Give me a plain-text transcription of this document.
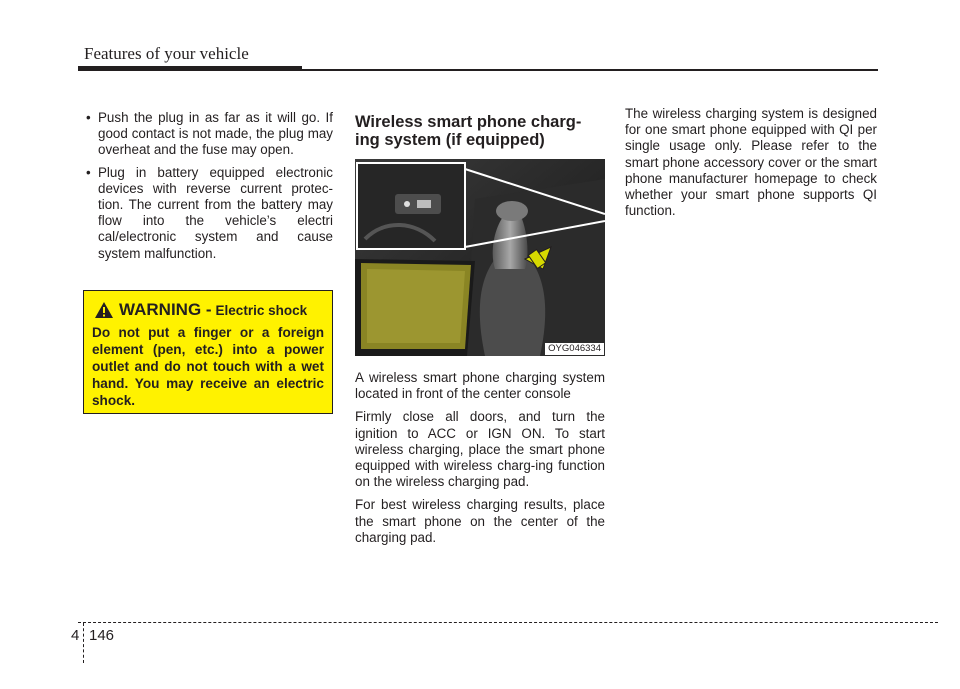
Features of your vehicle
• Push the plug in as far as it will go. If good contact is not made, the plug may overheat and the fuse may open.
• Plug in battery equipped electronic devices with reverse current protec-tion. The current from the battery may flow into the vehicle’s electri cal/electronic system and cause system malfunction.
WARNING - Electric shock
Do not put a finger or a foreign element (pen, etc.) into a power outlet and do not touch with a wet hand. You may receive an electric shock.
Wireless smart phone charg-ing system (if equipped)
OYG046334

A wireless smart phone charging system located in front of the center console

Firmly close all doors, and turn the ignition to ACC or IGN ON. To start wireless charging, place the smart phone equipped with wireless charg-ing function on the wireless charging pad.

For best wireless charging results, place the smart phone on the center of the charging pad.

The wireless charging system is designed for one smart phone equipped with QI per single usage only. Please refer to the smart phone accessory cover or the smart phone manufacturer homepage to check whether your smart phone supports QI function.

4 146
